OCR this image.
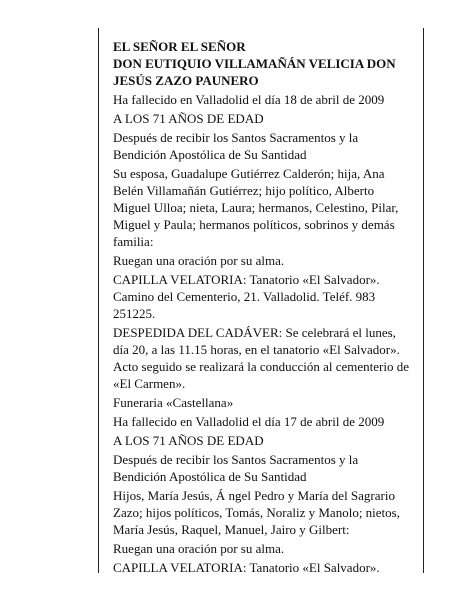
EL SEÑOR EL SEÑOR

DON EUTIQUIO VILLAMAÑÁN VELICIA DON JESÚS ZAZO PAUNERO

Ha fallecido en Valladolid el día 18 de abril de 2009

A LOS 71 AÑOS DE EDAD

Después de recibir los Santos Sacramentos y la Bendición Apostólica de Su Santidad

Su esposa, Guadalupe Gutiérrez Calderón; hija, Ana Belén Villamañán Gutiérrez; hijo político, Alberto Miguel Ulloa; nieta, Laura; hermanos, Celestino, Pilar, Miguel y Paula; hermanos políticos, sobrinos y demás familia:

Ruegan una oración por su alma.

CAPILLA VELATORIA: Tanatorio «El Salvador». Camino del Cementerio, 21. Valladolid. Teléf. 983 251225.

DESPEDIDA DEL CADÁVER: Se celebrará el lunes, día 20, a las 11.15 horas, en el tanatorio «El Salvador». Acto seguido se realizará la conducción al cementerio de «El Carmen».

Funeraria «Castellana»

Ha fallecido en Valladolid el día 17 de abril de 2009

A LOS 71 AÑOS DE EDAD

Después de recibir los Santos Sacramentos y la Bendición Apostólica de Su Santidad

Hijos, María Jesús, Á ngel Pedro y María del Sagrario Zazo; hijos políticos, Tomás, Noraliz y Manolo; nietos, María Jesús, Raquel, Manuel, Jairo y Gilbert:

Ruegan una oración por su alma.

CAPILLA VELATORIA: Tanatorio «El Salvador».
